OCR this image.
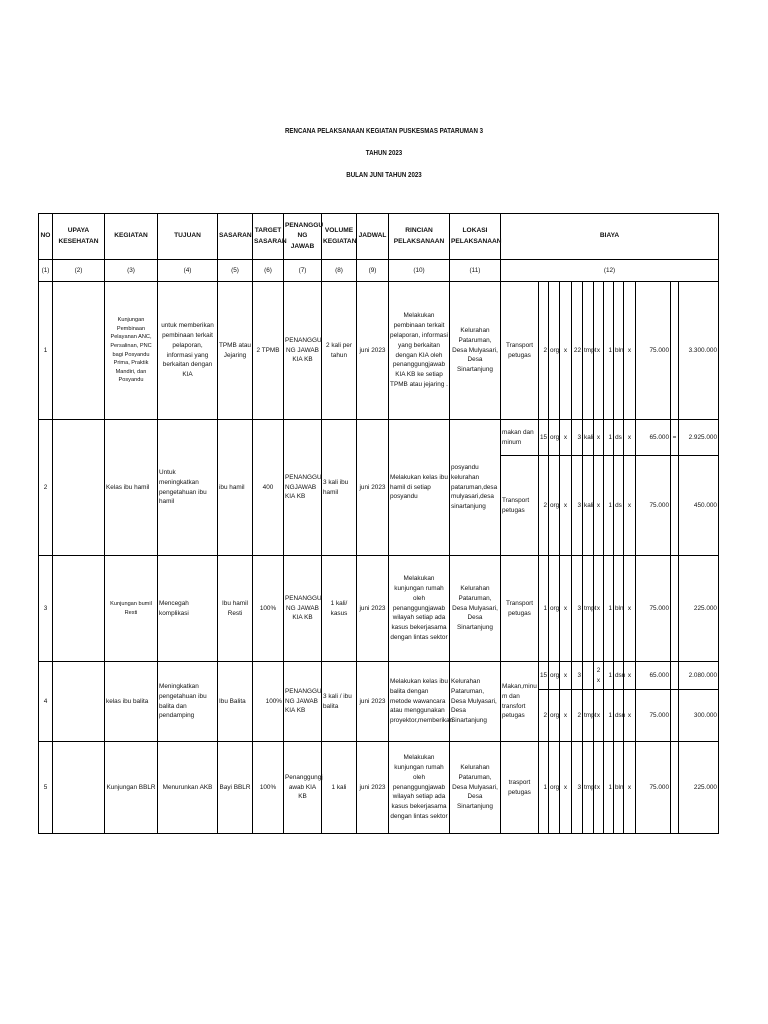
RENCANA PELAKSANAAN KEGIATAN PUSKESMAS PATARUMAN 3
TAHUN 2023
BULAN JUNI TAHUN 2023
NO	UPAYA KESEHATAN	KEGIATAN	TUJUAN	SASARAN	TARGET SASARAN	PENANGGU NG JAWAB	VOLUME KEGIATAN	JADWAL	RINCIAN PELAKSANAAN	LOKASI PELAKSANAAN	BIAYA												
(1)	(2)	(3)	(4)	(5)	(6)	(7)	(8)	(9)	(10)	(11)	(12)												
1		Kunjungan Pembinaan Pelayanan ANC, Persalinan, PNC bagi Posyandu Prima, Praktik Mandiri, dan Posyandu	untuk memberikan pembinaan terkait pelaporan, informasi yang berkaitan dengan KIA	TPMB atau Jejaring	2 TPMB	PENANGGU NG JAWAB KIA KB	2 kali per tahun	juni 2023	Melakukan pembinaan terkait pelaporan, informasi yang berkaitan dengan KIA oleh penanggungjawab KIA KB ke setiap TPMB atau jejaring .	Kelurahan Pataruman, Desa Mulyasari, Desa Sinartanjung	Transport petugas	2	org	x	22	tmpt	x	1	bln	x	75.000		3.300.000
2		Kelas ibu hamil	Untuk meningkatkan pengetahuan ibu hamil	ibu hamil	400	PENANGGU NGJAWAB KIA KB	3 kali ibu hamil	juni 2023	Melakukan kelas ibu hamil di setiap posyandu	posyandu kelurahan pataruman,desa mulyasari,desa sinartanjung	makan dan minum	15	org	x	3	kali	x	1	ds	x	65.000	=	2.925.000
											Transport petugas	2	org	x	3	kali	x	1	ds	x	75.000		450.000
3		Kunjungan bumil Resti	Mencegah komplikasi	Ibu hamil Resti	100%	PENANGGU NG JAWAB KIA KB	1 kali/ kasus	juni 2023	Melakukan kunjungan rumah oleh penanggungjawab wilayah setiap ada kasus bekerjasama dengan lintas sektor	Kelurahan Pataruman, Desa Mulyasari, Desa Sinartanjung	Transport petugas	1	org	x	3	tmpt	x	1	bln	x	75.000		225.000
4		kelas ibu balita	Meningkatkan pengetahuan ibu balita dan pendamping	Ibu Balita	100%	PENANGGU NG JAWAB KIA KB	3 kali / ibu balita	juni 2023	Melakukan kelas ibu balita dengan metode wawancara atau menggunakan proyektor,memberikan	Kelurahan Pataruman, Desa Mulyasari, Desa Sinartanjung	Makan,minu m dan transfort petugas	15	org	x	3		2 x	1	dsn	x	65.000		2.080.000
												2	org	x	2	tmpt	x	1	dsn	x	75.000		300.000
5		Kunjungan BBLR	Menurunkan AKB	Bayi BBLR	100%	Penanggungj awab KIA KB	1 kali	juni 2023	Melakukan kunjungan rumah oleh penanggungjawab wilayah setiap ada kasus bekerjasama dengan lintas sektor	Kelurahan Pataruman, Desa Mulyasari, Desa Sinartanjung	trasport petugas	1	org	x	3	tmpt	x	1	bln	x	75.000		225.000
